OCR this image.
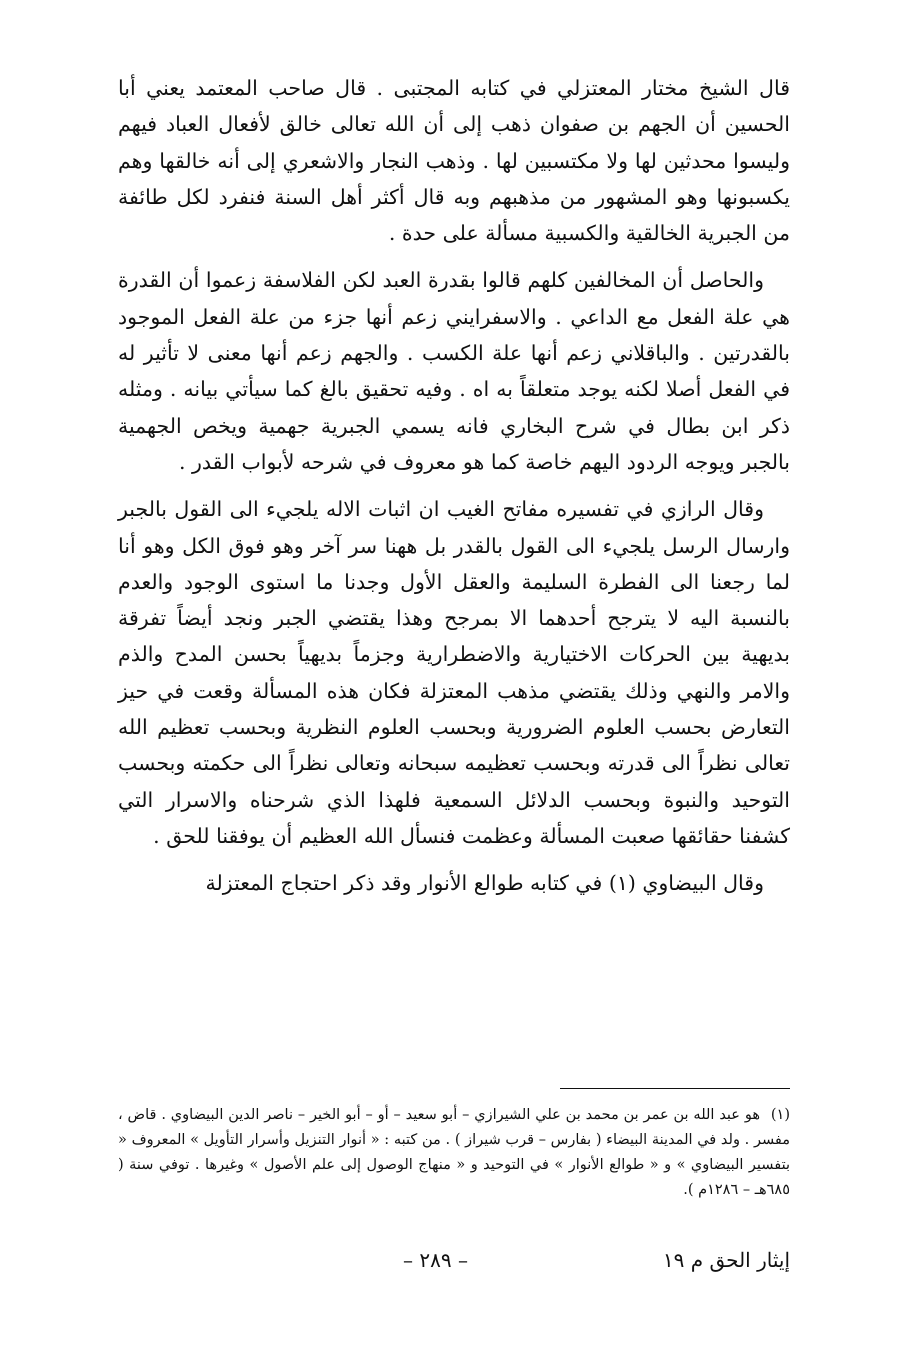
قال الشيخ مختار المعتزلي في كتابه المجتبى . قال صاحب المعتمد يعني أبا الحسين أن الجهم بن صفوان ذهب إلى أن الله تعالى خالق لأفعال العباد فيهم وليسوا محدثين لها ولا مكتسبين لها . وذهب النجار والاشعري إلى أنه خالقها وهم يكسبونها وهو المشهور من مذهبهم وبه قال أكثر أهل السنة فنفرد لكل طائفة من الجبرية الخالقية والكسبية مسألة على حدة .

والحاصل أن المخالفين كلهم قالوا بقدرة العبد لكن الفلاسفة زعموا أن القدرة هي علة الفعل مع الداعي . والاسفرايني زعم أنها جزء من علة الفعل الموجود بالقدرتين . والباقلاني زعم أنها علة الكسب . والجهم زعم أنها معنى لا تأثير له في الفعل أصلا لكنه يوجد متعلقاً به اه . وفيه تحقيق بالغ كما سيأتي بيانه . ومثله ذكر ابن بطال في شرح البخاري فانه يسمي الجبرية جهمية ويخص الجهمية بالجبر ويوجه الردود اليهم خاصة كما هو معروف في شرحه لأبواب القدر .

وقال الرازي في تفسيره مفاتح الغيب ان اثبات الاله يلجيء الى القول بالجبر وارسال الرسل يلجيء الى القول بالقدر بل ههنا سر آخر وهو فوق الكل وهو أنا لما رجعنا الى الفطرة السليمة والعقل الأول وجدنا ما استوى الوجود والعدم بالنسبة اليه لا يترجح أحدهما الا بمرجح وهذا يقتضي الجبر ونجد أيضاً تفرقة بديهية بين الحركات الاختيارية والاضطرارية وجزماً بديهياً بحسن المدح والذم والامر والنهي وذلك يقتضي مذهب المعتزلة فكان هذه المسألة وقعت في حيز التعارض بحسب العلوم الضرورية وبحسب العلوم النظرية وبحسب تعظيم الله تعالى نظراً الى قدرته وبحسب تعظيمه سبحانه وتعالى نظراً الى حكمته وبحسب التوحيد والنبوة وبحسب الدلائل السمعية فلهذا الذي شرحناه والاسرار التي كشفنا حقائقها صعبت المسألة وعظمت فنسأل الله العظيم أن يوفقنا للحق .

وقال البيضاوي (١) في كتابه طوالع الأنوار وقد ذكر احتجاج المعتزلة

(١) هو عبد الله بن عمر بن محمد بن علي الشيرازي – أبو سعيد – أو – أبو الخير – ناصر الدين البيضاوي . قاض ، مفسر . ولد في المدينة البيضاء ( بفارس – قرب شيراز ) . من كتبه : « أنوار التنزيل وأسرار التأويل » المعروف « بتفسير البيضاوي » و « طوالع الأنوار » في التوحيد و « منهاج الوصول إلى علم الأصول » وغيرها . توفي سنة ( ٦٨٥هـ – ١٢٨٦م ).
إيثار الحق م ١٩
– ٢٨٩ –
